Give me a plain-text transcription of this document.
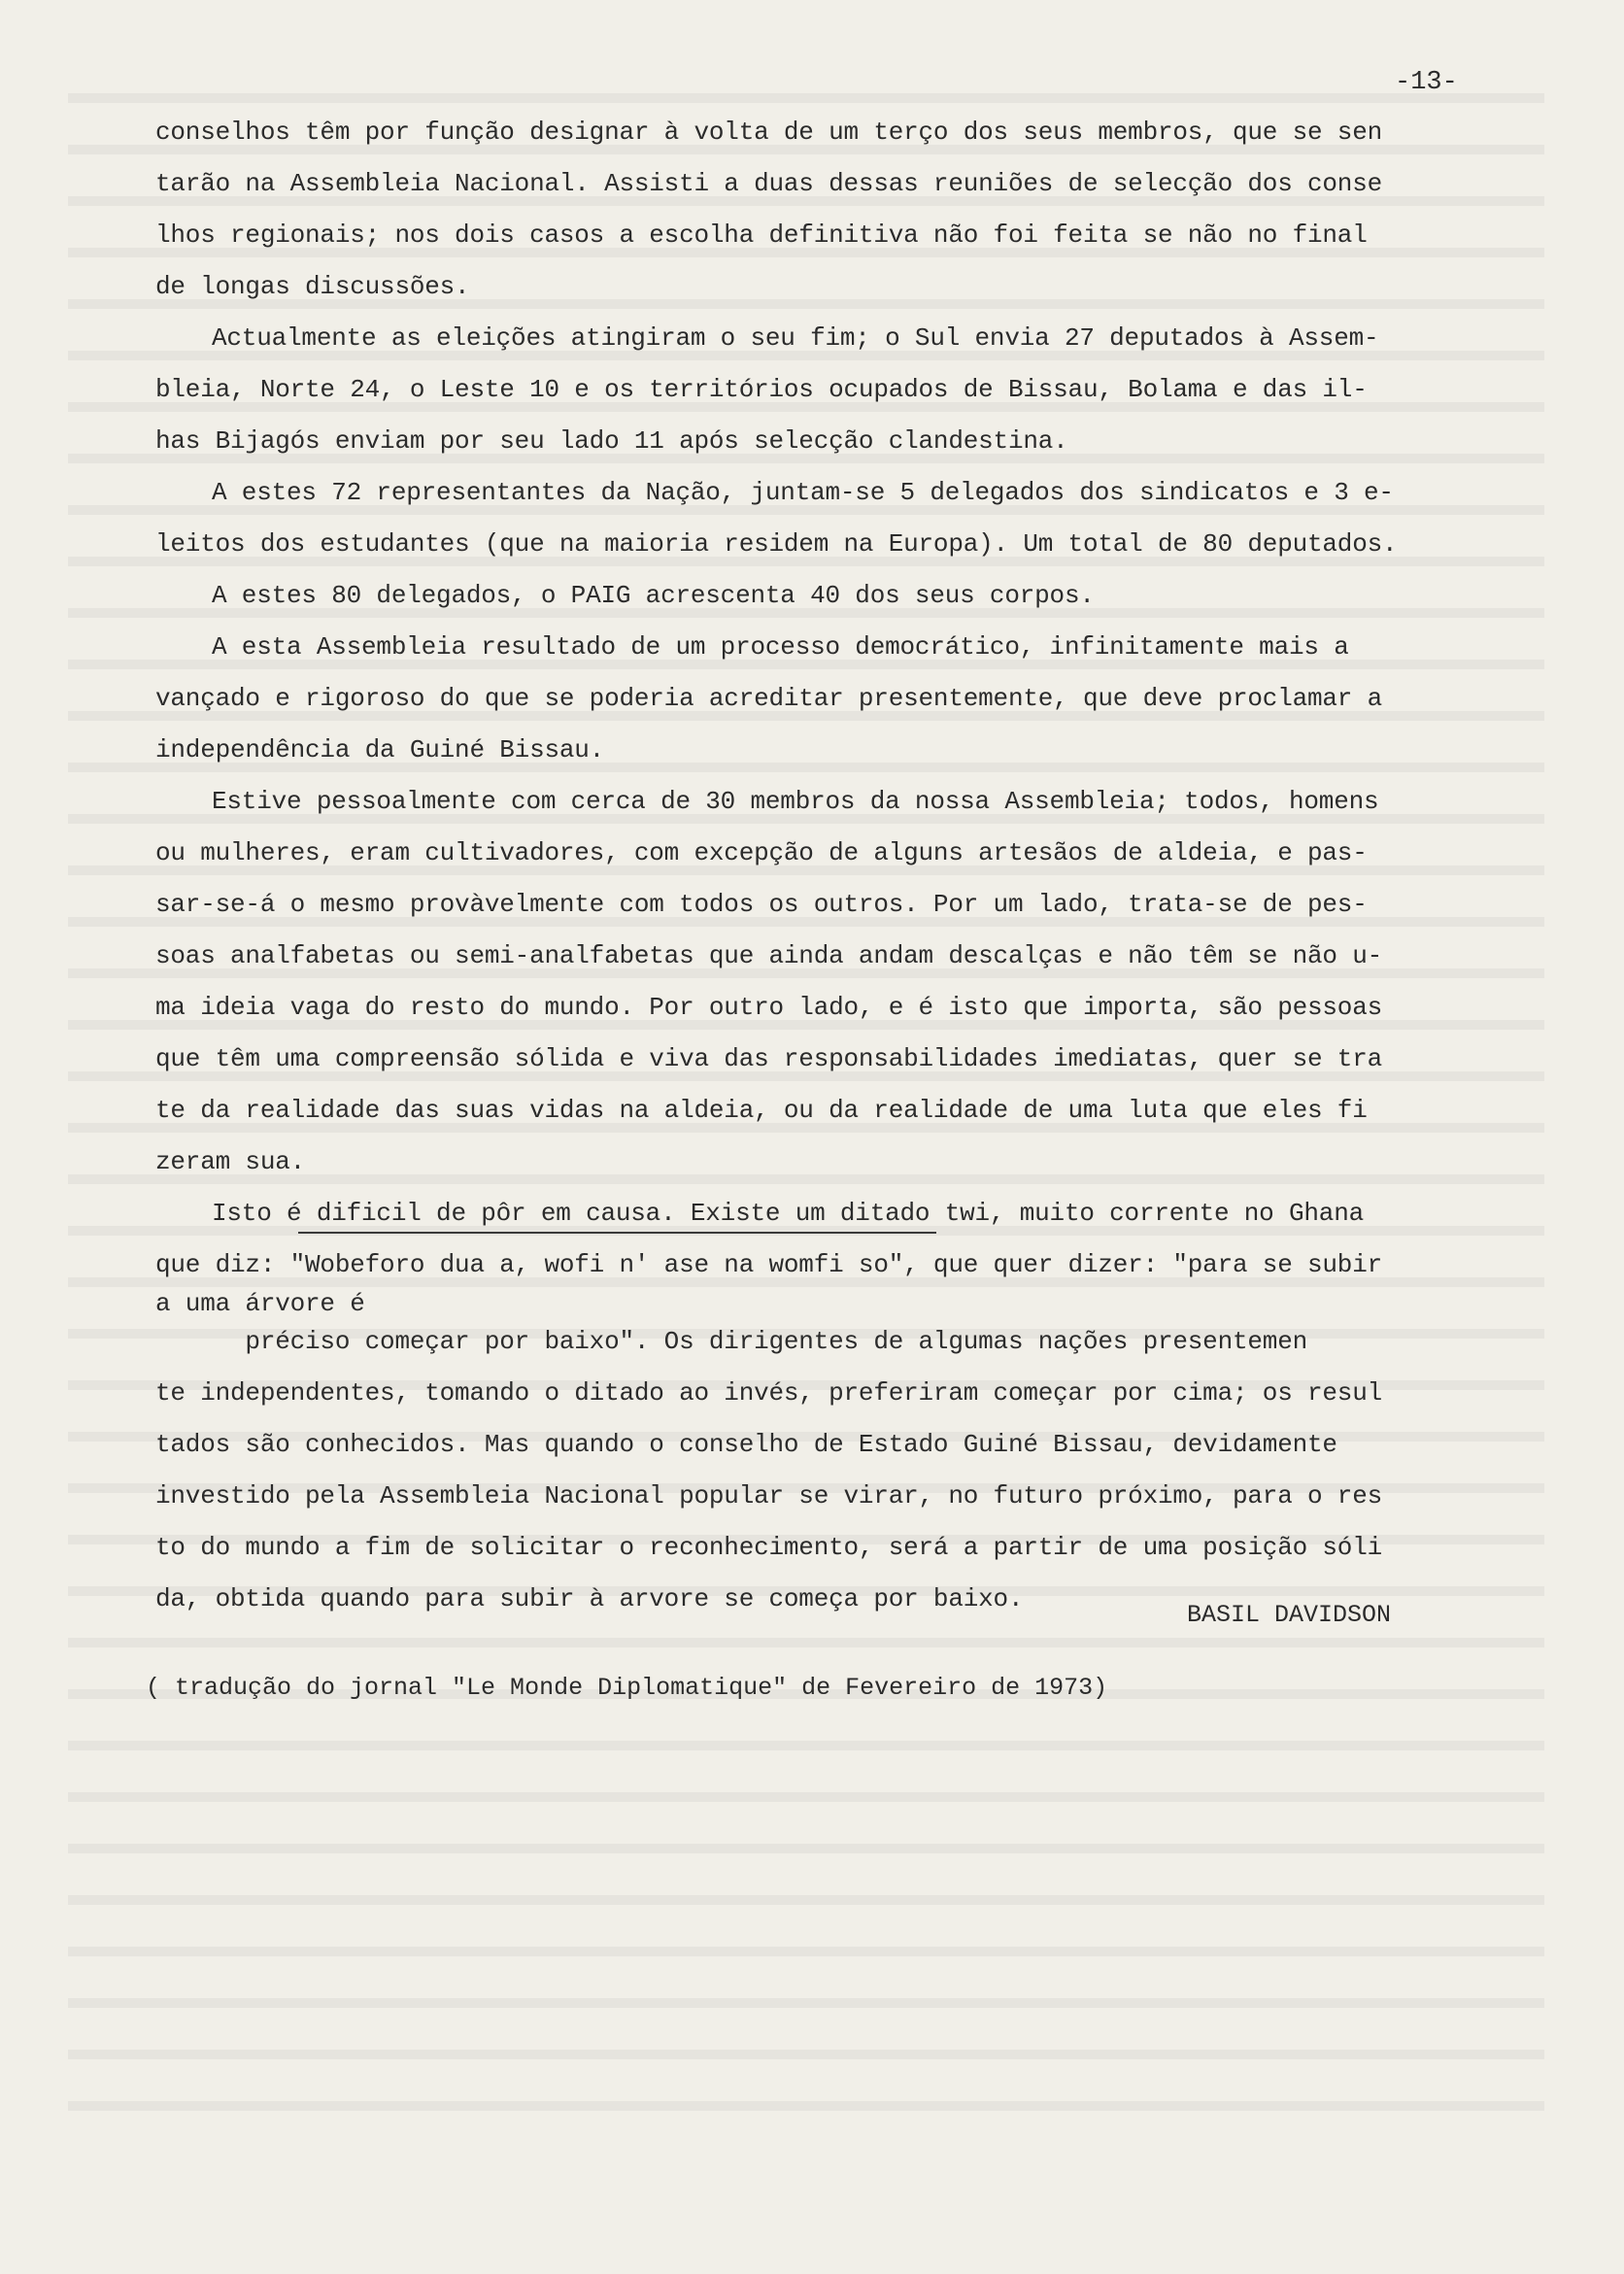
-13-
conselhos têm por função designar à volta de um terço dos seus membros, que se sen
tarão na Assembleia Nacional. Assisti a duas dessas reuniões de selecção dos conse
lhos regionais; nos dois casos a escolha definitiva não foi feita se não no final
de longas discussões.
Actualmente as eleições atingiram o seu fim; o Sul envia 27 deputados à Assem-
bleia, Norte 24, o Leste 10 e os territórios ocupados de Bissau, Bolama e das il-
has Bijagós enviam por seu lado 11 após selecção clandestina.
A estes 72 representantes da Nação, juntam-se 5 delegados dos sindicatos e 3 e-
leitos dos estudantes (que na maioria residem na Europa). Um total de 80 deputados.
A estes 80 delegados, o PAIG acrescenta 40 dos seus corpos.
A esta Assembleia resultado de um processo democrático, infinitamente mais a
vançado e rigoroso do que se poderia acreditar presentemente, que deve proclamar a
independência da Guiné Bissau.
Estive pessoalmente com cerca de 30 membros da nossa Assembleia; todos, homens
ou mulheres, eram cultivadores, com excepção de alguns artesãos de aldeia, e pas-
sar-se-á o mesmo provàvelmente com todos os outros. Por um lado, trata-se de pes-
soas analfabetas ou semi-analfabetas que ainda andam descalças e não têm se não u-
ma ideia vaga do resto do mundo. Por outro lado, e é isto que importa, são pessoas
que têm uma compreensão sólida e viva das responsabilidades imediatas, quer se tra
te da realidade das suas vidas na aldeia, ou da realidade de uma luta que eles fi
zeram sua.
Isto é dificil de pôr em causa. Existe um ditado twi, muito corrente no Ghana
que diz: "Wobeforo dua a, wofi n' ase na womfi so", que quer dizer: "para se subir
a uma árvore é
préciso começar por baixo". Os dirigentes de algumas nações presentemen
te independentes, tomando o ditado ao invés, preferiram começar por cima; os resul
tados são conhecidos. Mas quando o conselho de Estado Guiné Bissau, devidamente
investido pela Assembleia Nacional popular se virar, no futuro próximo, para o res
to do mundo a fim de solicitar o reconhecimento, será a partir de uma posição sóli
da, obtida quando para subir à arvore se começa por baixo.
BASIL DAVIDSON
( tradução do jornal "Le Monde Diplomatique" de Fevereiro de 1973)
